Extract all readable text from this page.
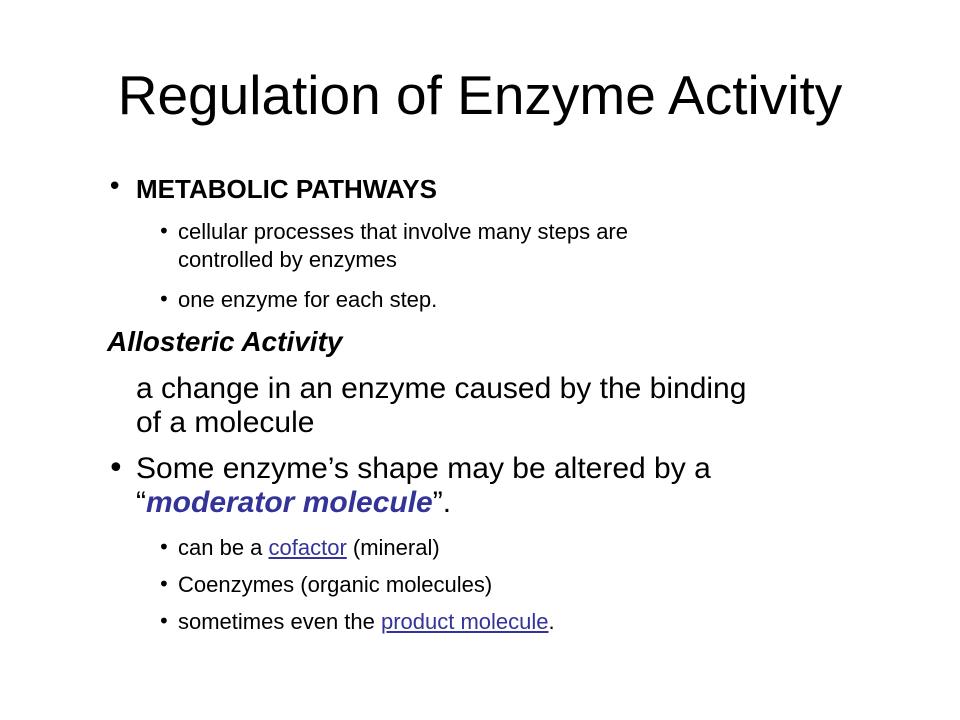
Regulation of Enzyme Activity
• METABOLIC PATHWAYS
• cellular processes that involve many steps are
controlled by enzymes
• one enzyme for each step.
Allosteric Activity
a change in an enzyme caused by the binding
of a molecule
• Some enzyme’s shape may be altered by a
“moderator molecule”.
• can be a cofactor (mineral)
• Coenzymes (organic molecules)
• sometimes even the product molecule.
